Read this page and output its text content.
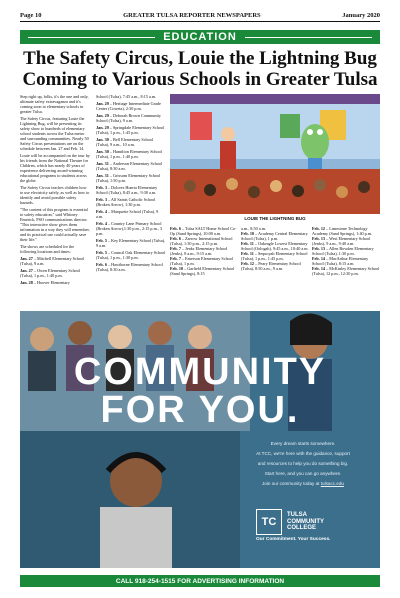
Page 10	GREATER TULSA REPORTER NEWSPAPERS	January 2020
EDUCATION
The Safety Circus, Louie the Lightning Bug Coming to Various Schools in Greater Tulsa

Step right up, folks, it's the one and only, ultimate safety extravaganza and it's coming soon to elementary schools in greater Tulsa.

The Safety Circus, featuring Louie the Lightning Bug, will be presenting its safety show to hundreds of elementary school students across the Tulsa metro and surrounding communities. Nearly 50 Safety Circus presentations are on the schedule between Jan. 27 and Feb. 14.

Louie will be accompanied on the tour by his friends from the National Theatre for Children, which has nearly 40 years of experience delivering award-winning educational programs to students across the globe.

The Safety Circus teaches children how to use electricity safely, as well as how to identify and avoid possible safety hazards.

"The content of this program is essential to safety education," said Whitney Emerick, PSO communications director. "This interactive show gives them information in a way they will remember, and its practical use could actually save their life."

The shows are scheduled for the following locations and times:

Jan. 27 – Mitchell Elementary School (Tulsa), 9 a.m.
Jan. 27 – Owen Elementary School (Tulsa), 1 p.m., 1:40 p.m.
Jan. 28 – Hoover Elementary
School (Tulsa), 7:45 a.m., 8:15 a.m.
Jan. 29 – Heritage Intermediate Grade Center (Coweta), 2:30 p.m.
Jan. 29 – Deborah Brown Community School (Tulsa), 9 a.m.
Jan. 29 – Springdale Elementary School (Tulsa), 1 p.m., 1:45 p.m.
Jan. 30 – Bell Elementary School (Tulsa), 9 a.m., 10 a.m.
Jan. 30 – Hamilton Elementary School (Tulsa), 1 p.m., 1:40 p.m.
Jan. 31 – Anderson Elementary School (Tulsa), 8:30 a.m.
Jan. 31 – Grissom Elementary School (Tulsa), 1:50 p.m.
Feb. 3 – Dolores Huerta Elementary School (Tulsa), 8:45 a.m., 9:30 a.m.
Feb. 3 – All Saints Catholic School (Broken Arrow), 1:30 p.m.
Feb. 4 – Marquette School (Tulsa), 9 a.m.
Feb. 4 – Country Lane Primary School (Broken Arrow),1:30 p.m., 2:15 p.m., 3 p.m.
Feb. 5 – Key Elementary School (Tulsa), 9 a.m.
Feb. 5 – Council Oak Elementary School (Tulsa), 1 p.m., 1:30 p.m.
Feb. 6 – Hawthorne Elementary School (Tulsa), 8:30 a.m.
LOUIE THE LIGHTNING BUG
Feb. 6 – Tulsa SALT Home School Co-Op (Sand Springs), 10:00 a.m.
Feb. 6 – Zarrow International School (Tulsa), 1:30 p.m., 2:15 p.m.
Feb. 7 – Jenks Elementary School (Jenks), 8 a.m., 9:15 a.m.
Feb. 7 – Emerson Elementary School (Tulsa), 1 p.m.
Feb. 10 – Garfield Elementary School (Sand Springs), 8:15
a.m., 8:50 a.m.
Feb. 10 – Academy Central Elementary School (Tulsa), 1 p.m.
Feb. 11 – Oakeagle Lowest Elementary School (Oologah), 9:45 a.m., 10:40 a.m.
Feb. 11 – Sequoyah Elementary School (Tulsa), 1 p.m., 1:45 p.m.
Feb. 12 – Peary Elementary School (Tulsa), 8:50 a.m., 9 a.m.
Feb. 12 – Limestone Technology Academy (Sand Springs), 1:40 p.m.
Feb. 13 – West Elementary School (Jenks), 9 a.m., 9:40 a.m.
Feb. 13 – Allen Bowden Elementary School (Tulsa), 1:30 p.m.
Feb. 14 – MacArthur Elementary School (Tulsa), 8:15 a.m.
Feb. 14 – McKinley Elementary School (Tulsa), 12 p.m., 12:30 p.m.
COMMUNITY
FOR YOU.
Every dream starts somewhere.
At TCC, we're here with the guidance, support
and resources to help you do something big.
Start here, and you can go anywhere.
Join our community today at tulsacc.edu
TC
TULSA
COMMUNITY
COLLEGE
Our Commitment. Your Success.
CALL 918-254-1515 FOR ADVERTISING INFORMATION
